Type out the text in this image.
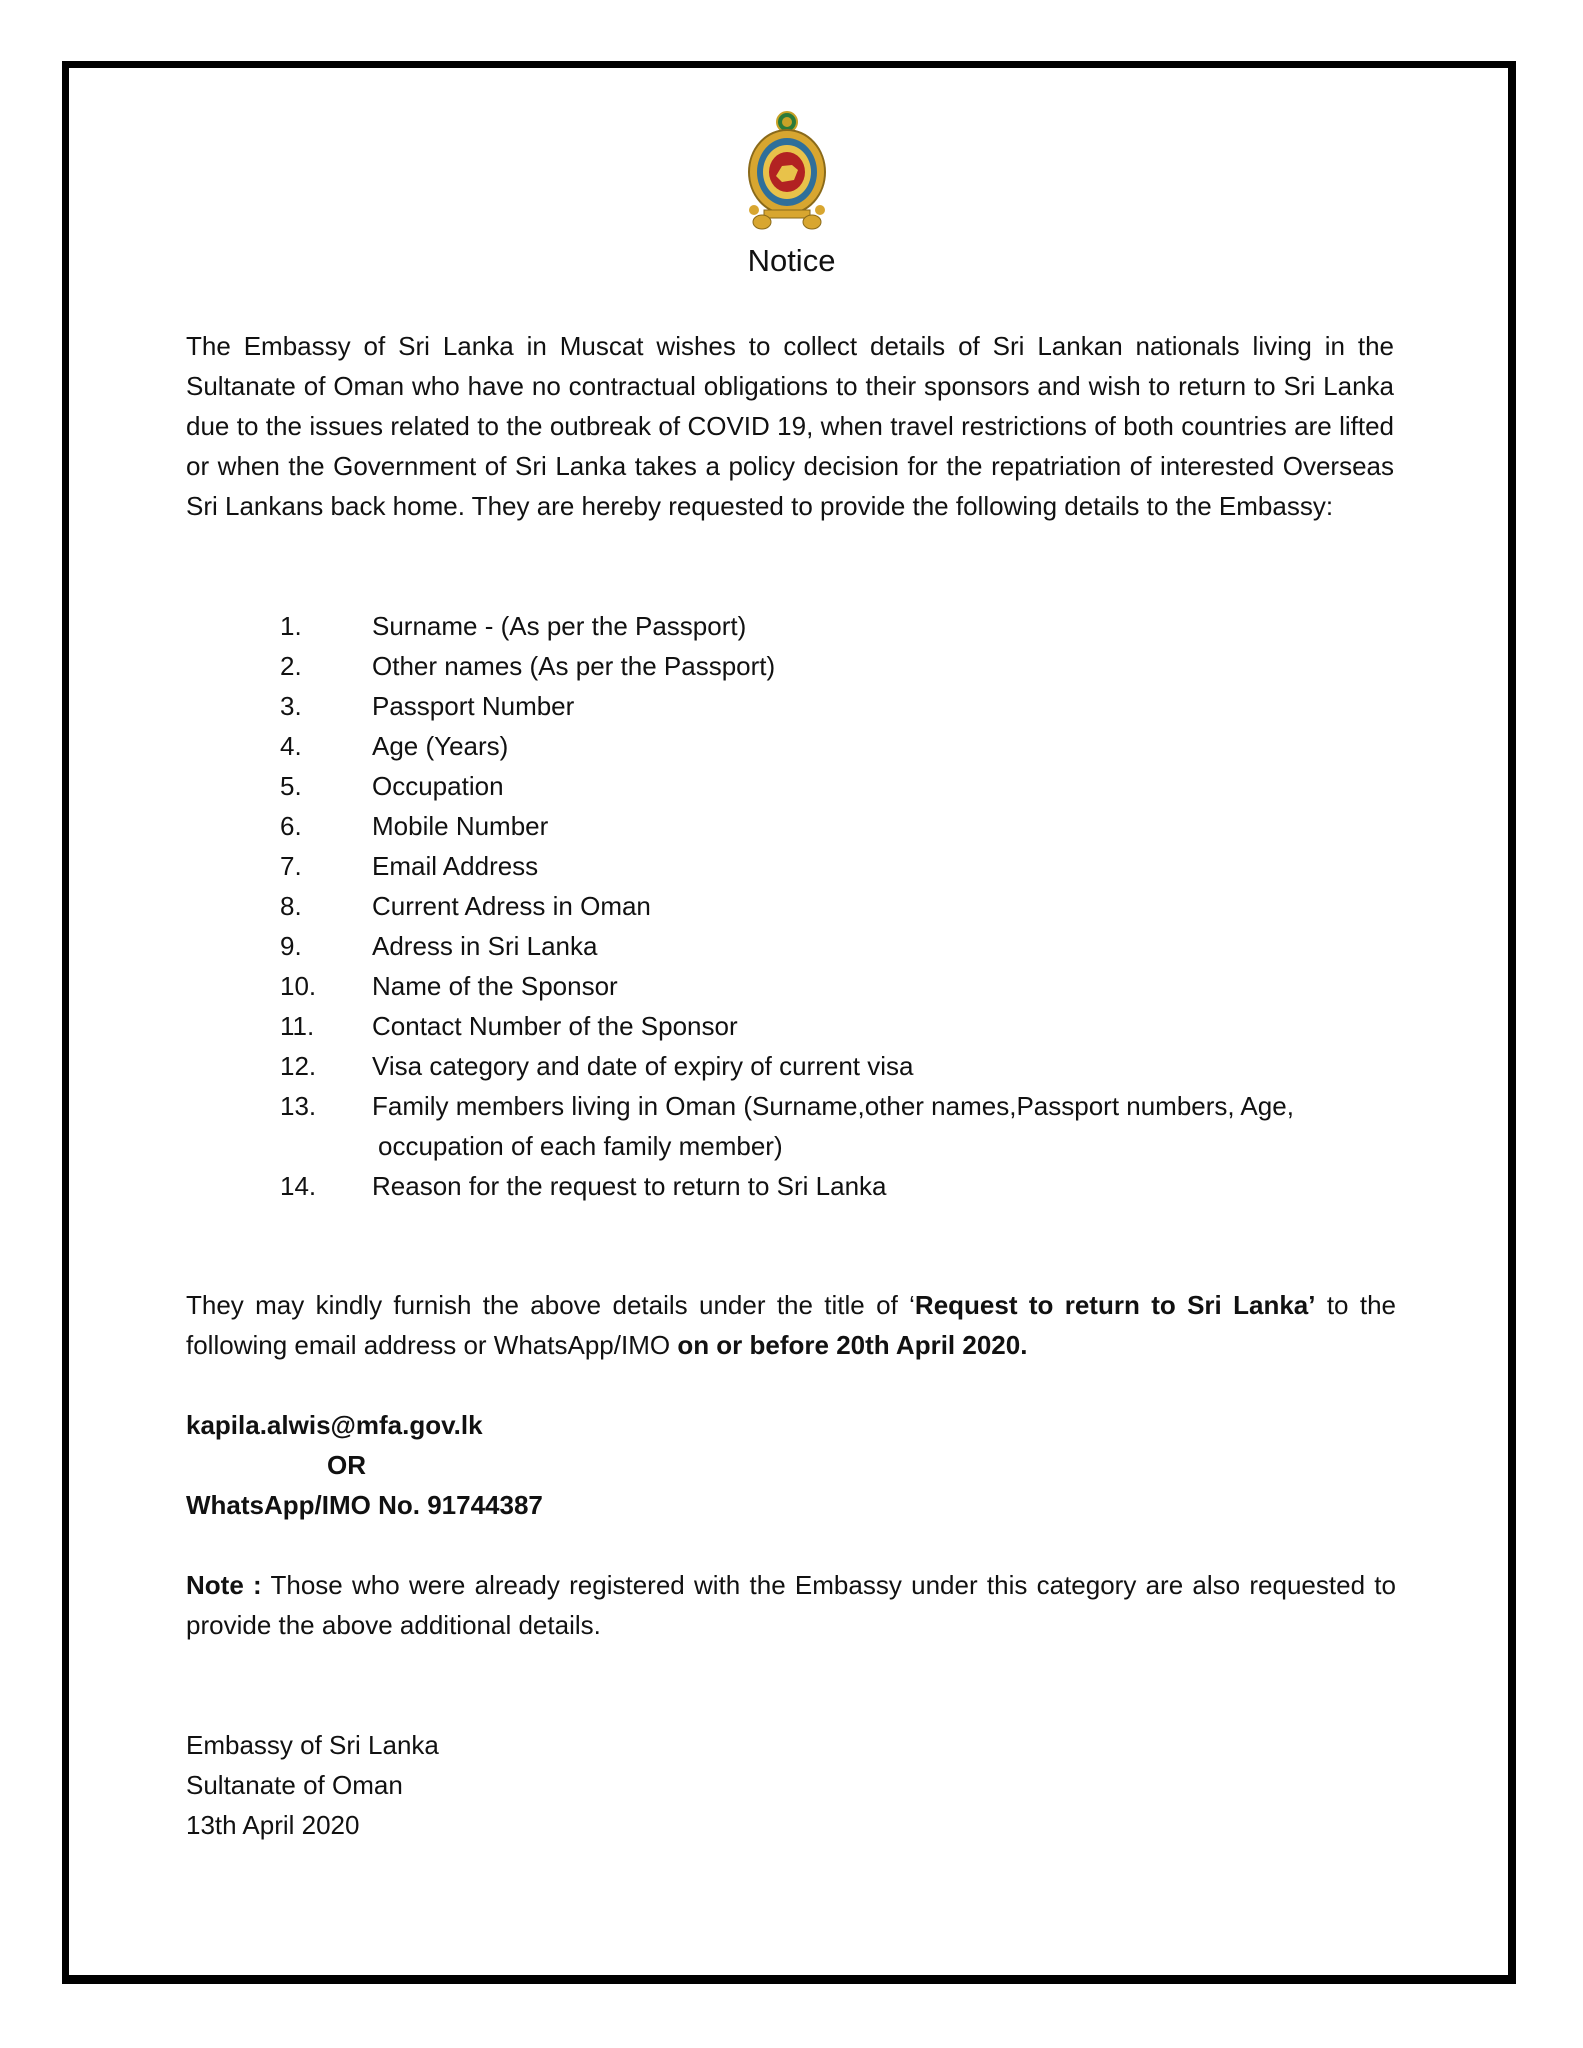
Notice

The Embassy of Sri Lanka in Muscat wishes to collect details of Sri Lankan nationals living in the Sultanate of Oman who have no contractual obligations to their sponsors and wish to return to Sri Lanka due to the issues related to the outbreak of COVID 19, when travel restrictions of both countries are lifted or when the Government of Sri Lanka takes a policy decision for the repatriation of interested Overseas Sri Lankans back home. They are hereby requested to provide the following details to the Embassy:

1.	Surname - (As per the Passport)
2.	Other names (As per the Passport)
3.	Passport Number
4.	Age (Years)
5.	Occupation
6.	Mobile Number
7.	Email Address
8.	Current Adress in Oman
9.	Adress in Sri Lanka
10. Name of the Sponsor
11. Contact Number of the Sponsor
12. Visa category and date of expiry of current visa
13. Family members living in Oman (Surname,other names,Passport numbers, Age,
occupation of each family member)
14. Reason for the request to return to Sri Lanka

They may kindly furnish the above details under the title of ‘Request to return to Sri Lanka’ to the following email address or WhatsApp/IMO on or before 20th April 2020.

kapila.alwis@mfa.gov.lk
OR
WhatsApp/IMO No. 91744387

Note : Those who were already registered with the Embassy under this category are also requested to provide the above additional details.

Embassy of Sri Lanka
Sultanate of Oman
13th April 2020
